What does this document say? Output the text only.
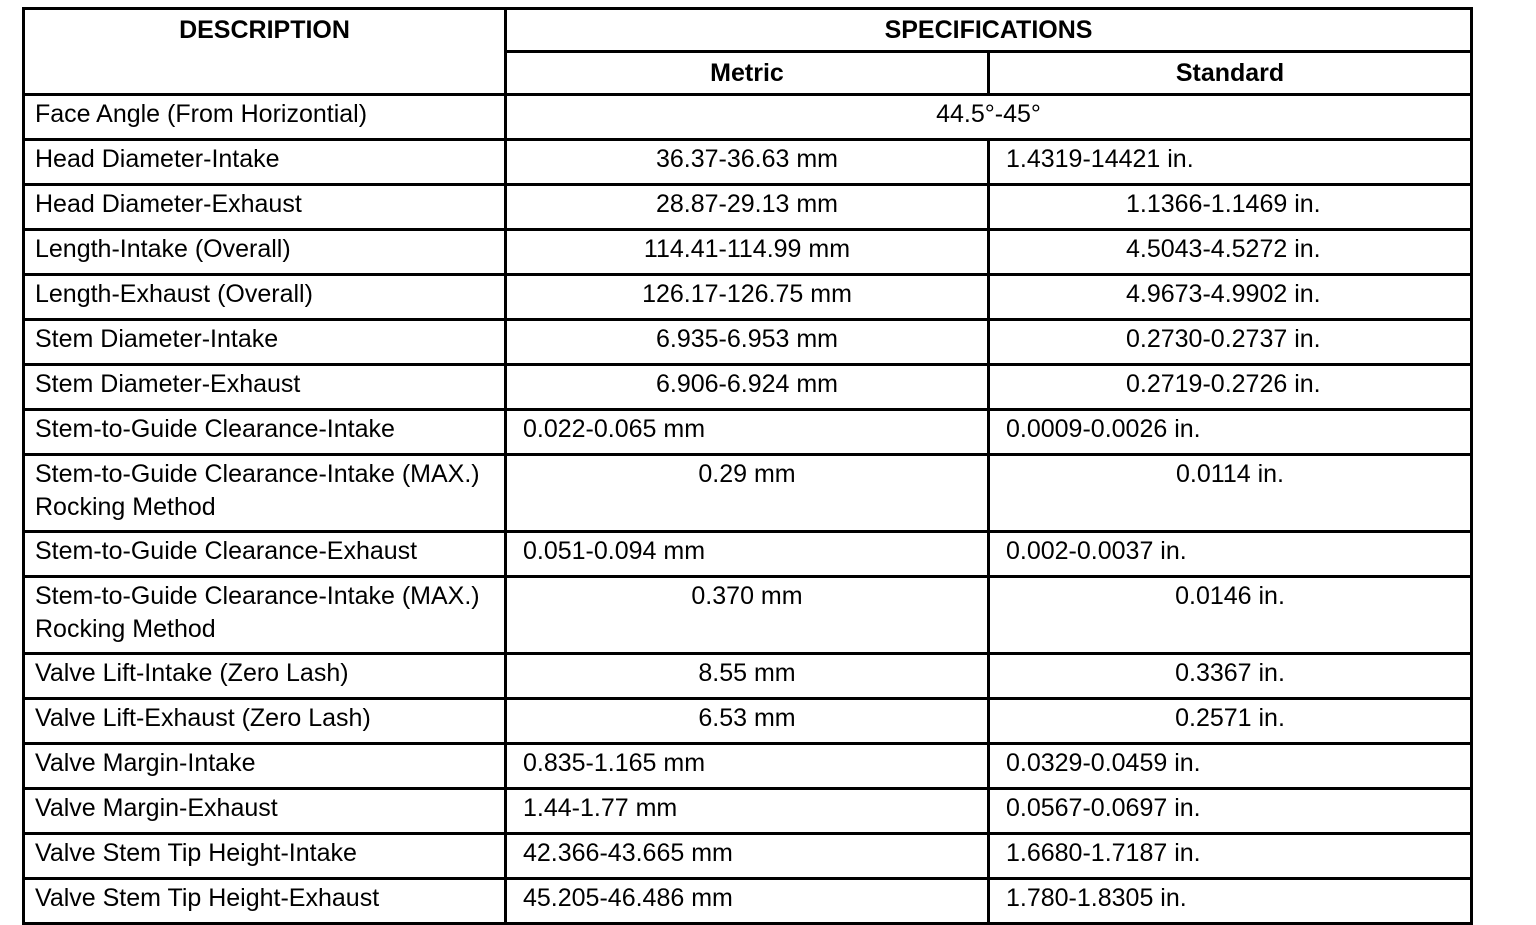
DESCRIPTION	SPECIFICATIONS	
	Metric	Standard
Face Angle (From Horizontial)	44.5°-45°	
Head Diameter-Intake	36.37-36.63 mm	1.4319-14421 in.
Head Diameter-Exhaust	28.87-29.13 mm	1.1366-1.1469 in.
Length-Intake (Overall)	114.41-114.99 mm	4.5043-4.5272 in.
Length-Exhaust (Overall)	126.17-126.75 mm	4.9673-4.9902 in.
Stem Diameter-Intake	6.935-6.953 mm	0.2730-0.2737 in.
Stem Diameter-Exhaust	6.906-6.924 mm	0.2719-0.2726 in.
Stem-to-Guide Clearance-Intake	0.022-0.065 mm	0.0009-0.0026 in.
Stem-to-Guide Clearance-Intake (MAX.) Rocking Method	0.29 mm	0.0114 in.
Stem-to-Guide Clearance-Exhaust	0.051-0.094 mm	0.002-0.0037 in.
Stem-to-Guide Clearance-Intake (MAX.) Rocking Method	0.370 mm	0.0146 in.
Valve Lift-Intake (Zero Lash)	8.55 mm	0.3367 in.
Valve Lift-Exhaust (Zero Lash)	6.53 mm	0.2571 in.
Valve Margin-Intake	0.835-1.165 mm	0.0329-0.0459 in.
Valve Margin-Exhaust	1.44-1.77 mm	0.0567-0.0697 in.
Valve Stem Tip Height-Intake	42.366-43.665 mm	1.6680-1.7187 in.
Valve Stem Tip Height-Exhaust	45.205-46.486 mm	1.780-1.8305 in.
